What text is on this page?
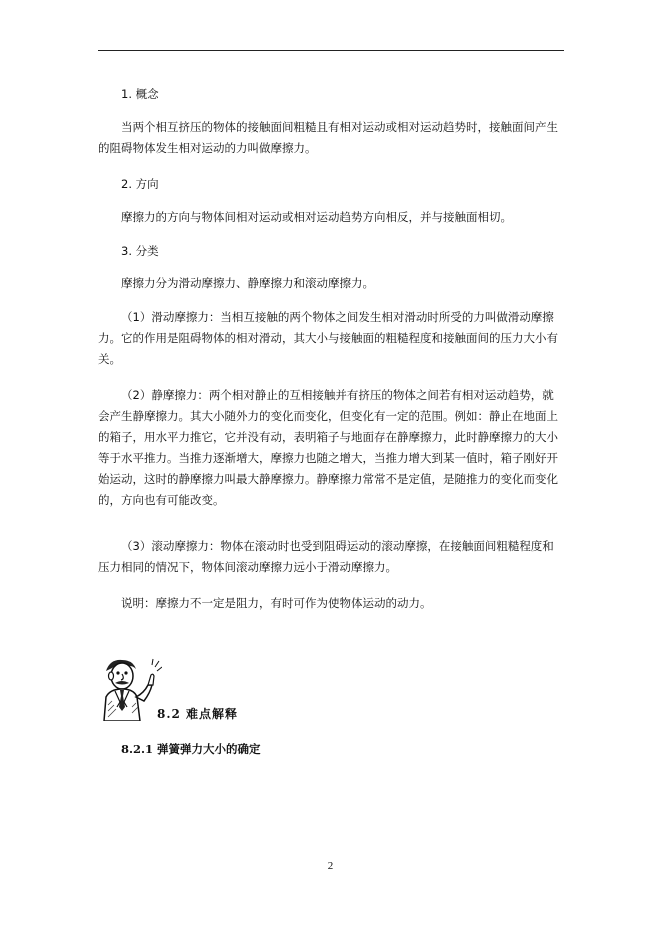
1. 概念

当两个相互挤压的物体的接触面间粗糙且有相对运动或相对运动趋势时，接触面间产生的阻碍物体发生相对运动的力叫做摩擦力。

2. 方向

摩擦力的方向与物体间相对运动或相对运动趋势方向相反，并与接触面相切。

3. 分类

摩擦力分为滑动摩擦力、静摩擦力和滚动摩擦力。

（1）滑动摩擦力：当相互接触的两个物体之间发生相对滑动时所受的力叫做滑动摩擦力。它的作用是阻碍物体的相对滑动，其大小与接触面的粗糙程度和接触面间的压力大小有关。

（2）静摩擦力：两个相对静止的互相接触并有挤压的物体之间若有相对运动趋势，就会产生静摩擦力。其大小随外力的变化而变化，但变化有一定的范围。例如：静止在地面上的箱子，用水平力推它，它并没有动，表明箱子与地面存在静摩擦力，此时静摩擦力的大小等于水平推力。当推力逐渐增大，摩擦力也随之增大，当推力增大到某一值时，箱子刚好开始运动，这时的静摩擦力叫最大静摩擦力。静摩擦力常常不是定值，是随推力的变化而变化的，方向也有可能改变。

（3）滚动摩擦力：物体在滚动时也受到阻碍运动的滚动摩擦，在接触面间粗糙程度和压力相同的情况下，物体间滚动摩擦力远小于滑动摩擦力。

说明：摩擦力不一定是阻力，有时可作为使物体运动的动力。

8.2 难点解释
8.2.1 弹簧弹力大小的确定
2
